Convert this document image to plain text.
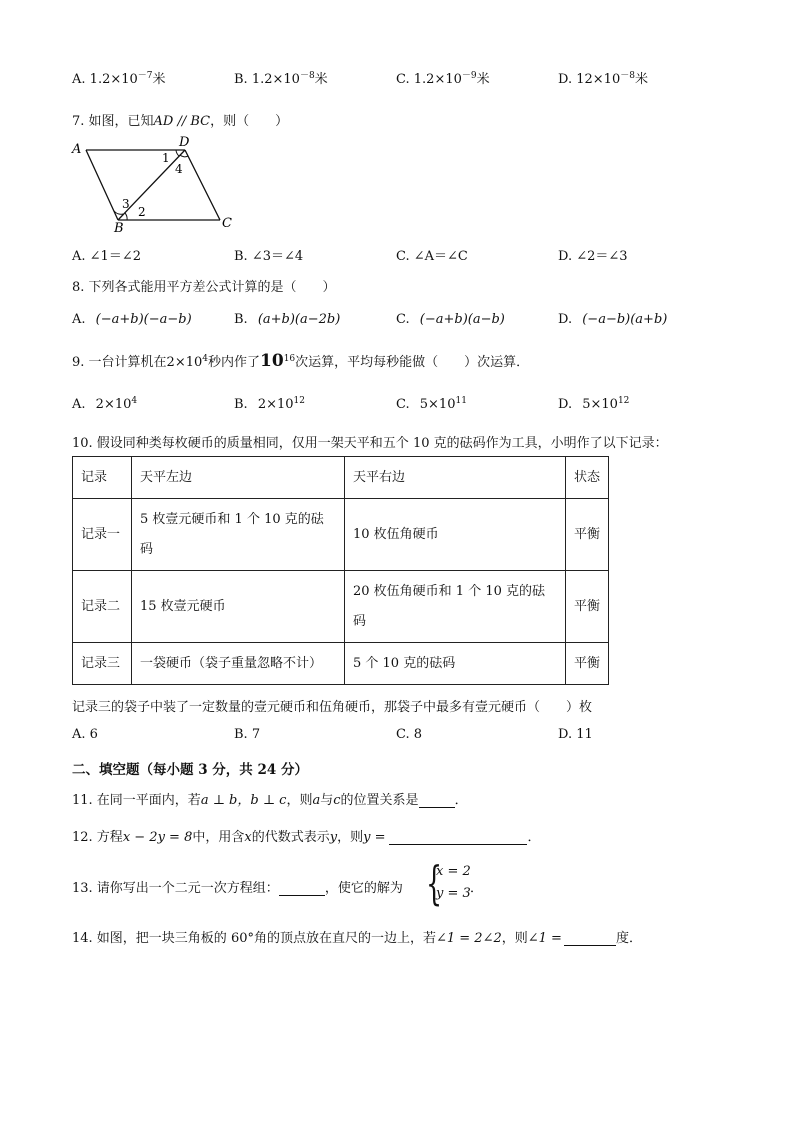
A. $1.2\times 10^{-7}$米	B. $1.2\times 10^{-8}$米	C. $1.2\times 10^{-9}$米	D. $12\times 10^{-8}$米
7. 如图，已知AD // BC，则（　　）
A	D
B	C
1
4
3
2
A. ∠1＝∠2	B. ∠3＝∠4	C. ∠A＝∠C	D. ∠2＝∠3
8. 下列各式能用平方差公式计算的是（　　）
A. (−a+b)(−a−b)	B. (a+b)(a−2b)	C. (−a+b)(a−b)	D. (−a−b)(a+b)
9. 一台计算机在$2\times 10^4$秒内作了$10^{16}$次运算，平均每秒能做（　　）次运算．
A. $2\times 10^4$	B. $2\times 10^{12}$	C. $5\times 10^{11}$	D. $5\times 10^{12}$
10. 假设同种类每枚硬币的质量相同，仅用一架天平和五个 10 克的砝码作为工具，小明作了以下记录：
记录	天平左边	天平右边	状态
记录一	5 枚壹元硬币和 1 个 10 克的砝码	10 枚伍角硬币	平衡
记录二	15 枚壹元硬币	20 枚伍角硬币和 1 个 10 克的砝码	平衡
记录三	一袋硬币（袋子重量忽略不计）	5 个 10 克的砝码	平衡
记录三的袋子中装了一定数量的壹元硬币和伍角硬币，那袋子中最多有壹元硬币（　　）枚
A. 6	B. 7	C. 8	D. 11
二、填空题（每小题 3 分，共 24 分）
11. 在同一平面内，若a ⊥ b，b ⊥ c，则a与c的位置关系是	．
12. 方程x − 2y = 8中，用含x的代数式表示y，则y =	．
13. 请你写出一个二元一次方程组：	，使它的解为 {
x = 2
y = 3 ．
14. 如图，把一块三角板的 60°角的顶点放在直尺的一边上，若∠1 = 2∠2，则∠1 =	度．
